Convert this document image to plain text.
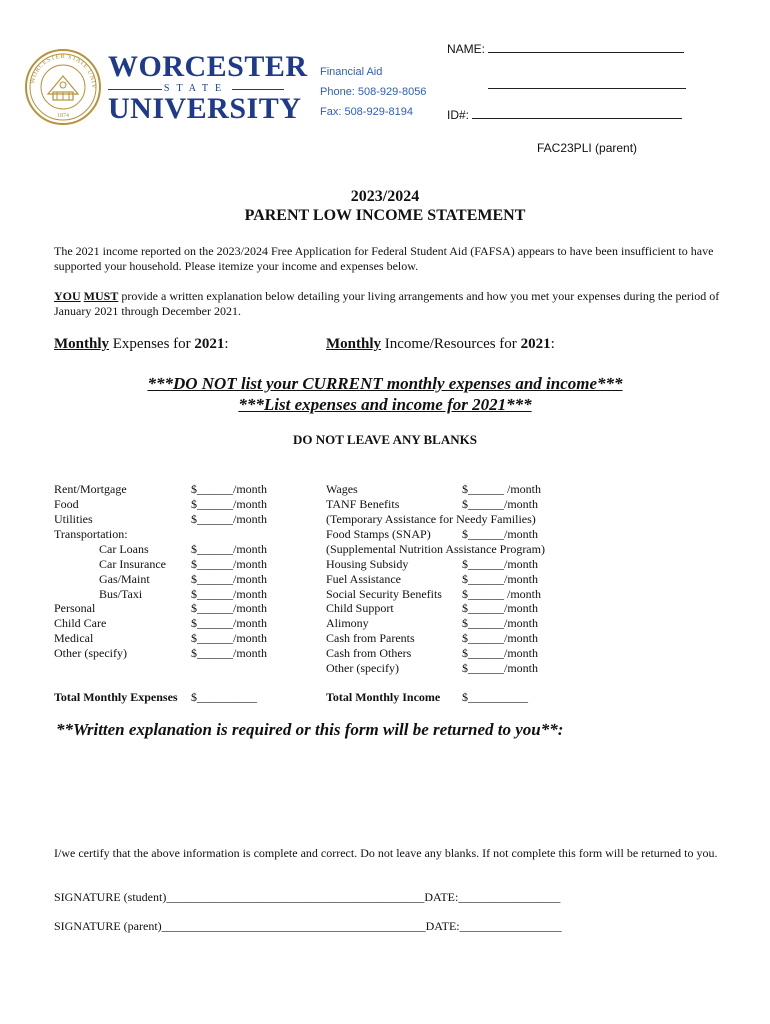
WORCESTER STATE UNIV
1874
WORCESTER
STATE
UNIVERSITY
Financial Aid
Phone: 508-929-8056
Fax: 508-929-8194
NAME:
ID#:
FAC23PLI (parent)
2023/2024
PARENT LOW INCOME STATEMENT
The 2021 income reported on the 2023/2024 Free Application for Federal Student Aid (FAFSA) appears to have been insufficient to have supported your household. Please itemize your income and expenses below.
YOU MUST provide a written explanation below detailing your living arrangements and how you met your expenses during the period of January 2021 through December 2021.
Monthly Expenses for 2021:	Monthly Income/Resources for 2021:
***DO NOT list your CURRENT monthly expenses and income***
***List expenses and income for 2021***
DO NOT LEAVE ANY BLANKS
Rent/Mortgage	$______/month
Food	$______/month
Utilities	$______/month
Transportation:
Car Loans	$______/month
Car Insurance $______/month
Gas/Maint	$______/month
Bus/Taxi	$______/month
Personal	$______/month
Child Care	$______/month
Medical	$______/month
Other (specify)	$______/month
Wages	$______ /month
TANF Benefits	$______/month
(Temporary Assistance for Needy Families)
Food Stamps (SNAP)	$______/month
(Supplemental Nutrition Assistance Program)
Housing Subsidy	$______/month
Fuel Assistance	$______/month
Social Security Benefits $______ /month
Child Support	$______/month
Alimony	$______/month
Cash from Parents	$______/month
Cash from Others	$______/month
Other (specify)	$______/month
Total Monthly Expenses $__________	Total Monthly Income $__________
**Written explanation is required or this form will be returned to you**:
I/we certify that the above information is complete and correct. Do not leave any blanks. If not complete this form will be returned to you.
SIGNATURE (student)___________________________________________DATE:_________________
SIGNATURE (parent)____________________________________________DATE:_________________
